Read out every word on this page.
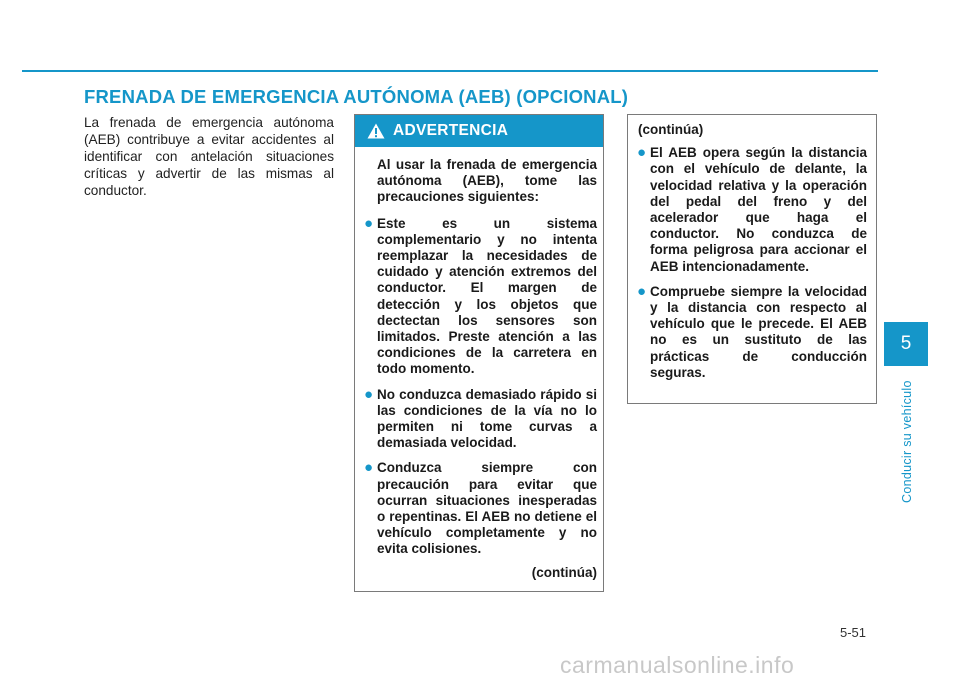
FRENADA DE EMERGENCIA AUTÓNOMA (AEB) (OPCIONAL)
La frenada de emergencia autónoma (AEB) contribuye a evitar accidentes al identificar con antelación situaciones críticas y advertir de las mismas al conductor.
ADVERTENCIA

Al usar la frenada de emergencia autónoma (AEB), tome las precauciones siguientes:

● Este es un sistema complementario y no intenta reemplazar la necesidades de cuidado y atención extremos del conductor. El margen de detección y los objetos que dectectan los sensores son limitados. Preste atención a las condiciones de la carretera en todo momento.
● No conduzca demasiado rápido si las condiciones de la vía no lo permiten ni tome curvas a demasiada velocidad.
● Conduzca siempre con precaución para evitar que ocurran situaciones inesperadas o repentinas. El AEB no detiene el vehículo completamente y no evita colisiones.
(continúa)
(continúa)
● El AEB opera según la distancia con el vehículo de delante, la velocidad relativa y la operación del pedal del freno y del acelerador que haga el conductor. No conduzca de forma peligrosa para accionar el AEB intencionadamente.
● Compruebe siempre la velocidad y la distancia con respecto al vehículo que le precede. El AEB no es un sustituto de las prácticas de conducción seguras.
5
Conducir su vehículo
5-51
carmanualsonline.info
